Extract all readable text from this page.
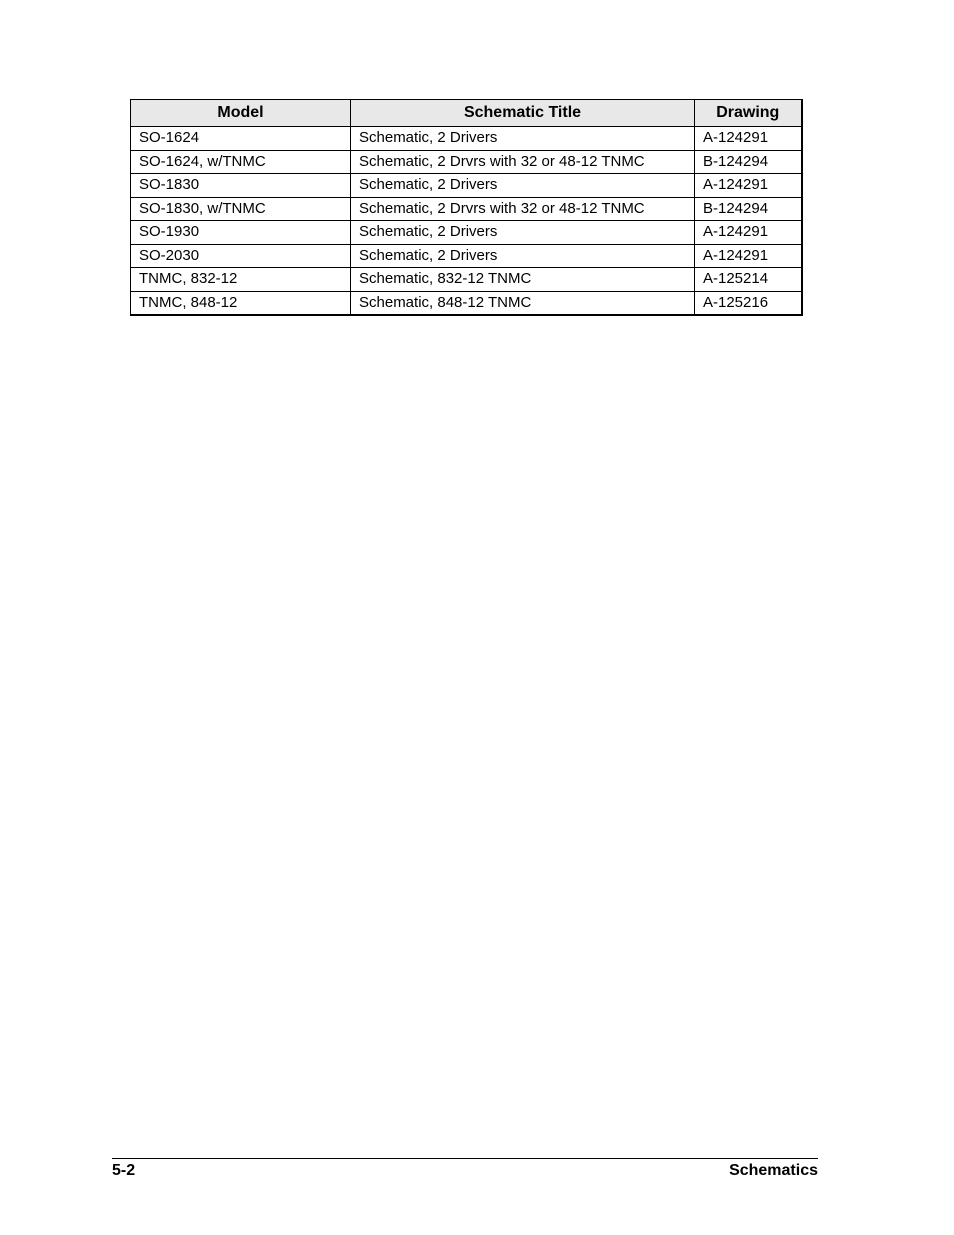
Model	Schematic Title	Drawing
SO-1624	Schematic, 2 Drivers	A-124291
SO-1624, w/TNMC	Schematic, 2 Drvrs with 32 or 48-12 TNMC	B-124294
SO-1830	Schematic, 2 Drivers	A-124291
SO-1830, w/TNMC	Schematic, 2 Drvrs with 32 or 48-12 TNMC	B-124294
SO-1930	Schematic, 2 Drivers	A-124291
SO-2030	Schematic, 2 Drivers	A-124291
TNMC, 832-12	Schematic, 832-12 TNMC	A-125214
TNMC, 848-12	Schematic, 848-12 TNMC	A-125216
5-2	Schematics
